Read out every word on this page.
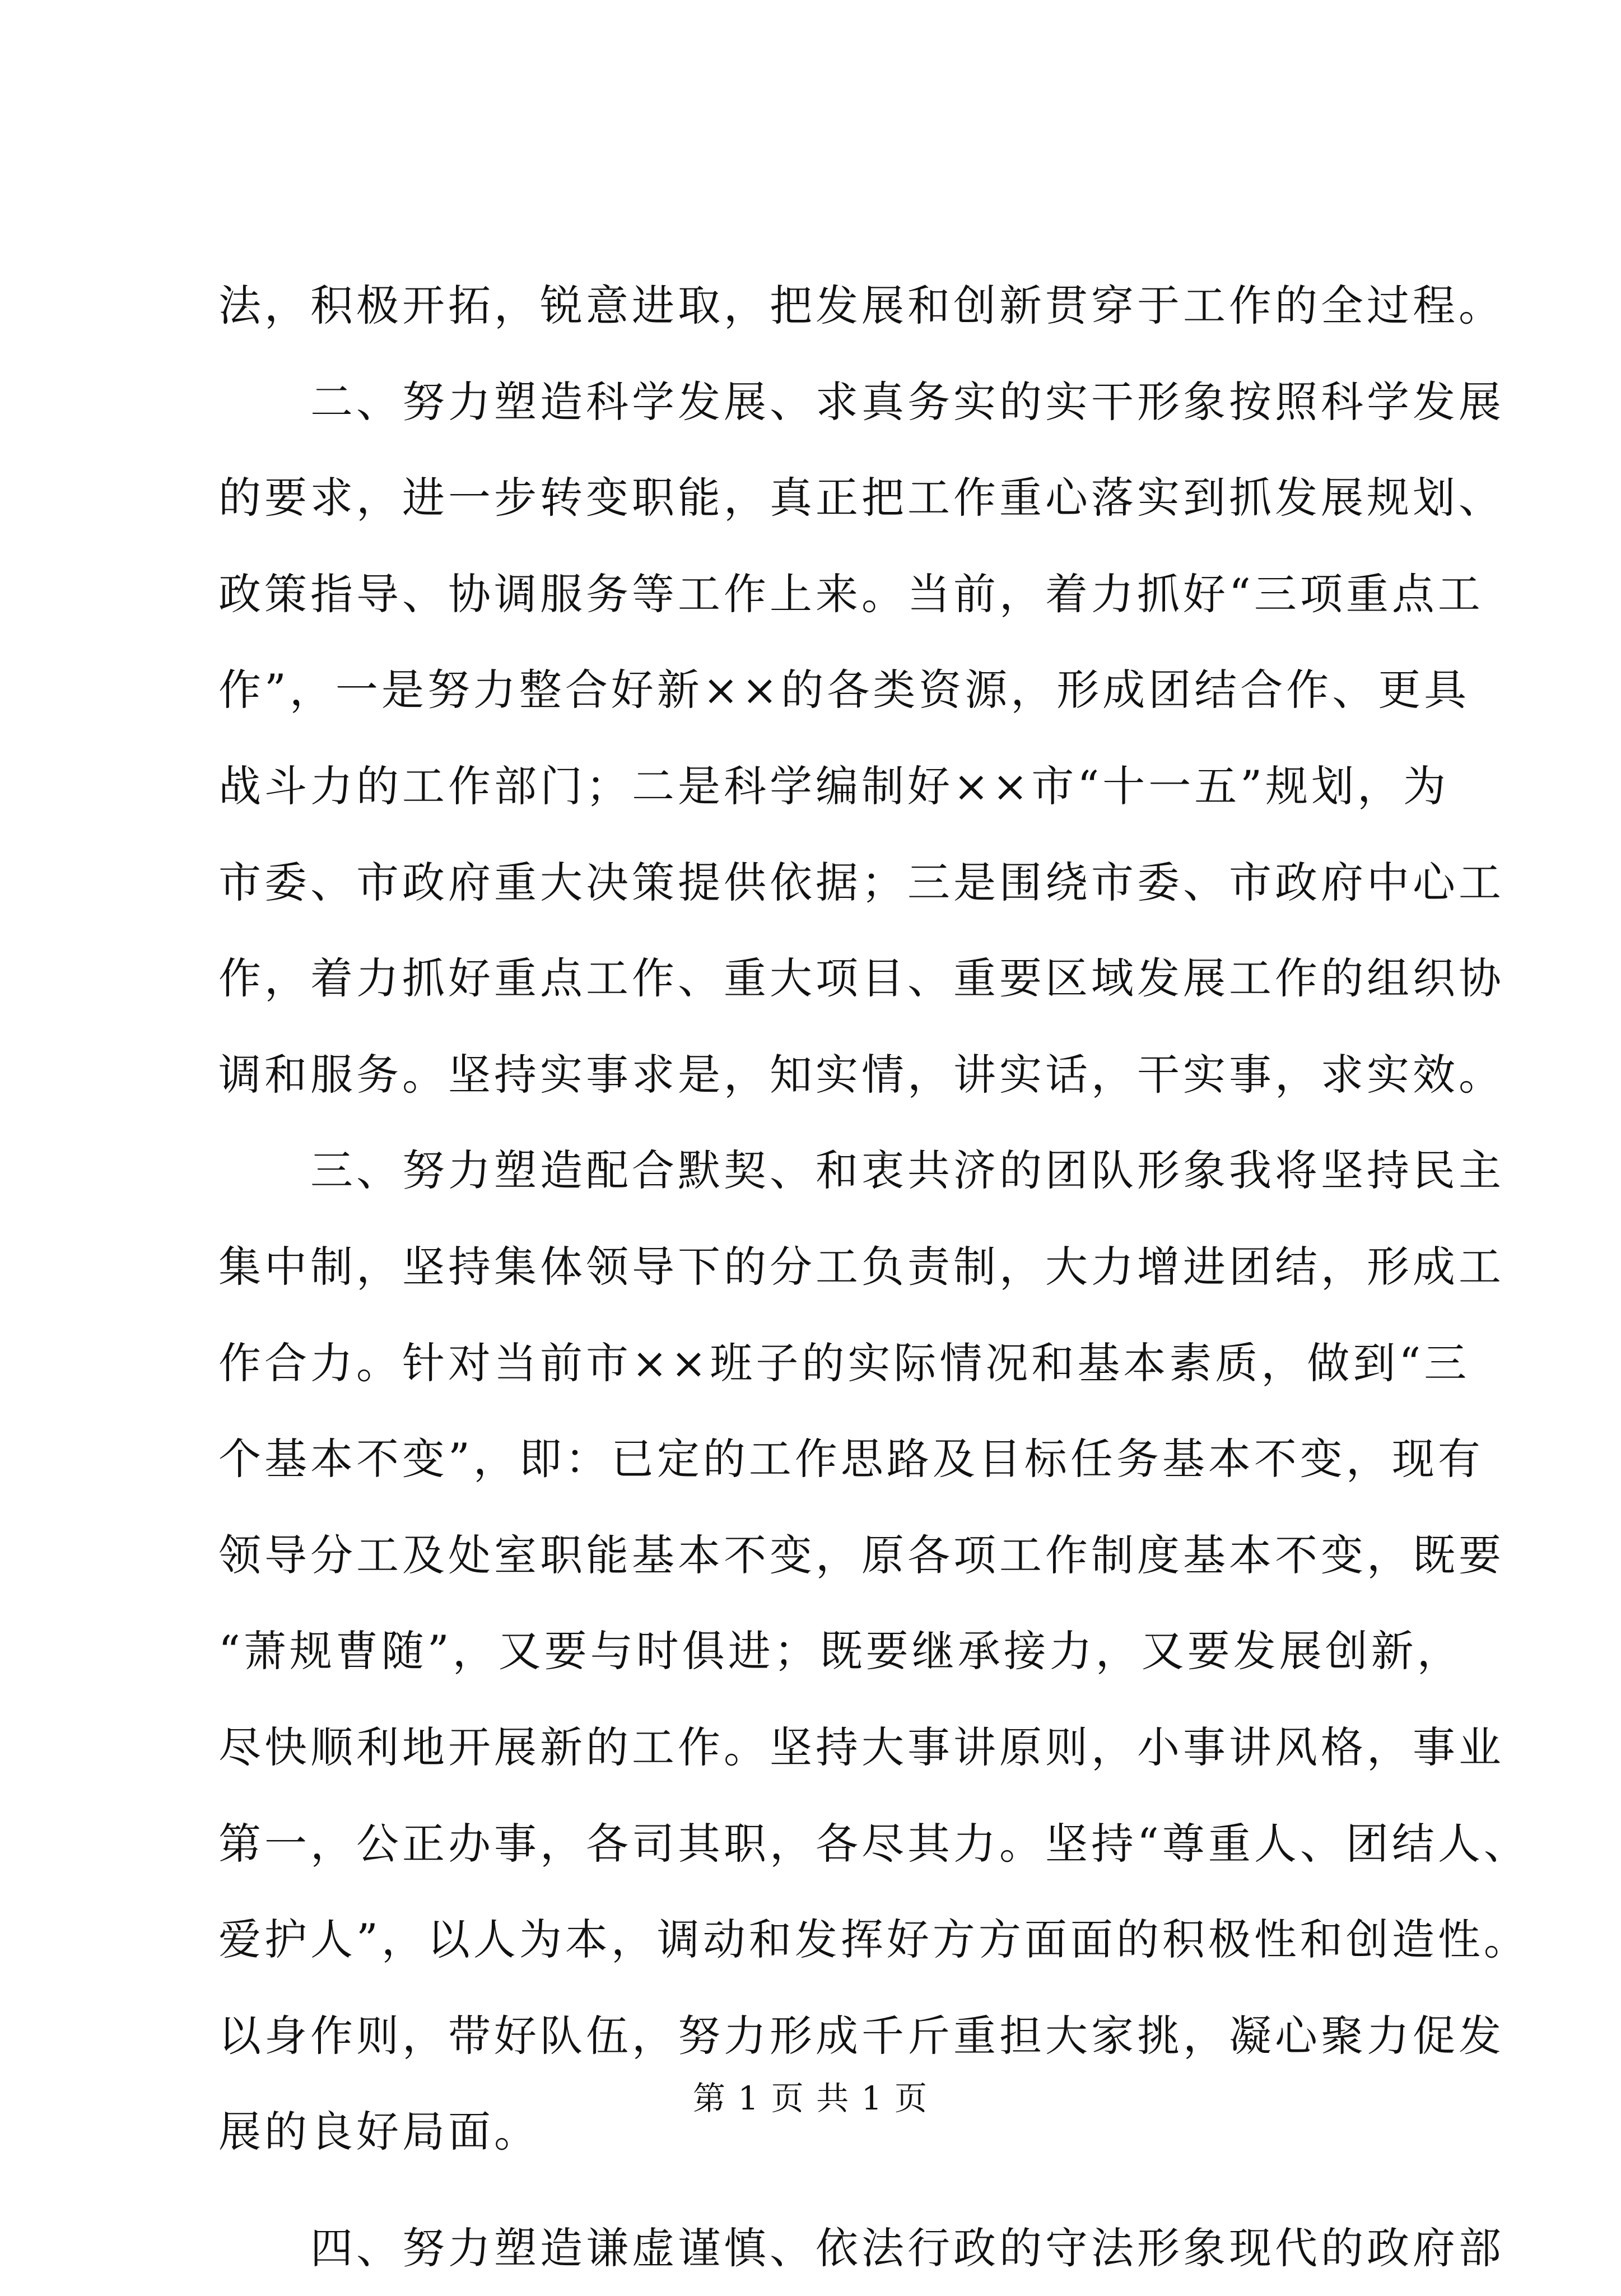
法，积极开拓，锐意进取，把发展和创新贯穿于工作的全过程。
　　二、努力塑造科学发展、求真务实的实干形象按照科学发展
的要求，进一步转变职能，真正把工作重心落实到抓发展规划、
政策指导、协调服务等工作上来。当前，着力抓好“三项重点工
作”，一是努力整合好新××的各类资源，形成团结合作、更具
战斗力的工作部门；二是科学编制好××市“十一五”规划，为
市委、市政府重大决策提供依据；三是围绕市委、市政府中心工
作，着力抓好重点工作、重大项目、重要区域发展工作的组织协
调和服务。坚持实事求是，知实情，讲实话，干实事，求实效。
　　三、努力塑造配合默契、和衷共济的团队形象我将坚持民主
集中制，坚持集体领导下的分工负责制，大力增进团结，形成工
作合力。针对当前市××班子的实际情况和基本素质，做到“三
个基本不变”，即：已定的工作思路及目标任务基本不变，现有
领导分工及处室职能基本不变，原各项工作制度基本不变，既要
“萧规曹随”，又要与时俱进；既要继承接力，又要发展创新，
尽快顺利地开展新的工作。坚持大事讲原则，小事讲风格，事业
第一，公正办事，各司其职，各尽其力。坚持“尊重人、团结人、
爱护人”，以人为本，调动和发挥好方方面面的积极性和创造性。
以身作则，带好队伍，努力形成千斤重担大家挑，凝心聚力促发
展的良好局面。
　　四、努力塑造谦虚谨慎、依法行政的守法形象现代的政府部
第 1 页 共 1 页
